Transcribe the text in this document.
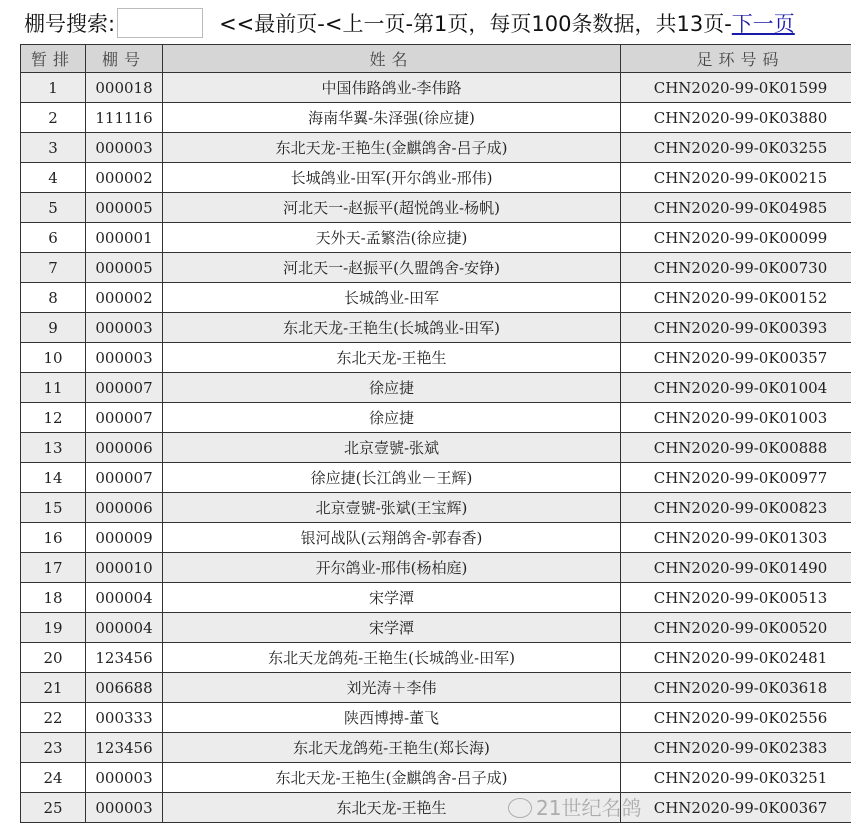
棚号搜索:	<<最前页- <上一页- 第1页，每页100条数据，共13页- 下一页
暂排	棚号	姓名	足环号码
1	000018	中国伟路鸽业-李伟路	CHN2020-99-0K01599
2	111116	海南华翼-朱泽强(徐应捷)	CHN2020-99-0K03880
3	000003	东北天龙-王艳生(金麒鸽舍-吕子成)	CHN2020-99-0K03255
4	000002	长城鸽业-田军(开尔鸽业-邢伟)	CHN2020-99-0K00215
5	000005	河北天一-赵振平(超悦鸽业-杨帆)	CHN2020-99-0K04985
6	000001	天外天-孟繁浩(徐应捷)	CHN2020-99-0K00099
7	000005	河北天一-赵振平(久盟鸽舍-安铮)	CHN2020-99-0K00730
8	000002	长城鸽业-田军	CHN2020-99-0K00152
9	000003	东北天龙-王艳生(长城鸽业-田军)	CHN2020-99-0K00393
10	000003	东北天龙-王艳生	CHN2020-99-0K00357
11	000007	徐应捷	CHN2020-99-0K01004
12	000007	徐应捷	CHN2020-99-0K01003
13	000006	北京壹號-张斌	CHN2020-99-0K00888
14	000007	徐应捷(长江鸽业－王辉)	CHN2020-99-0K00977
15	000006	北京壹號-张斌(王宝辉)	CHN2020-99-0K00823
16	000009	银河战队(云翔鸽舍-郭春香)	CHN2020-99-0K01303
17	000010	开尔鸽业-邢伟(杨柏庭)	CHN2020-99-0K01490
18	000004	宋学潭	CHN2020-99-0K00513
19	000004	宋学潭	CHN2020-99-0K00520
20	123456	东北天龙鸽苑-王艳生(长城鸽业-田军)	CHN2020-99-0K02481
21	006688	刘光涛＋李伟	CHN2020-99-0K03618
22	000333	陕西博搏-董飞	CHN2020-99-0K02556
23	123456	东北天龙鸽苑-王艳生(郑长海)	CHN2020-99-0K02383
24	000003	东北天龙-王艳生(金麒鸽舍-吕子成)	CHN2020-99-0K03251
25	000003	东北天龙-王艳生	CHN2020-99-0K00367
21世纪名鸽
